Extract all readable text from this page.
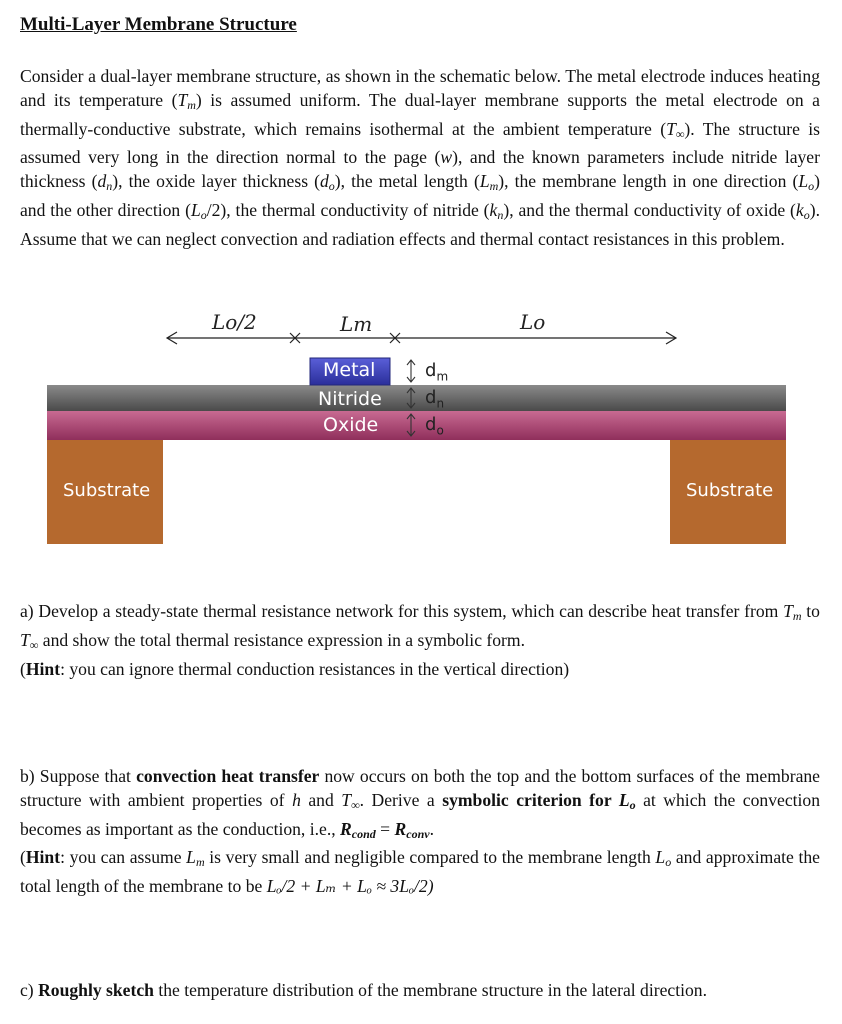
Multi-Layer Membrane Structure
Consider a dual-layer membrane structure, as shown in the schematic below. The metal electrode induces heating and its temperature $(T_m)$ is assumed uniform. The dual-layer membrane supports the metal electrode on a thermally-conductive substrate, which remains isothermal at the ambient temperature $(T_\infty)$. The structure is assumed very long in the direction normal to the page (w), and the known parameters include nitride layer thickness $(d_n)$, the oxide layer thickness $(d_o)$, the metal length $(L_m)$, the membrane length in one direction $(L_o)$ and the other direction $(L_o/2)$, the thermal conductivity of nitride $(k_n)$, and the thermal conductivity of oxide $(k_o)$. Assume that we can neglect convection and radiation effects and thermal contact resistances in this problem.
Lo/2	Lm	Lo
Metal
Nitride
Oxide
$d_m$
$d_n$
$d_o$
Substrate	Substrate
a) Develop a steady-state thermal resistance network for this system, which can describe heat transfer from $T_m$ to $T_\infty$ and show the total thermal resistance expression in a symbolic form.
(Hint: you can ignore thermal conduction resistances in the vertical direction)
b) Suppose that convection heat transfer now occurs on both the top and the bottom surfaces of the membrane structure with ambient properties of h and $T_\infty$. Derive a symbolic criterion for $L_o$ at which the convection becomes as important as the conduction, i.e., $R_{cond} = R_{conv}$.
(Hint: you can assume $L_m$ is very small and negligible compared to the membrane length $L_o$ and approximate the total length of the membrane to be Lₒ/2 + Lₘ + Lₒ ≈ 3Lₒ/2)
c) Roughly sketch the temperature distribution of the membrane structure in the lateral direction.
